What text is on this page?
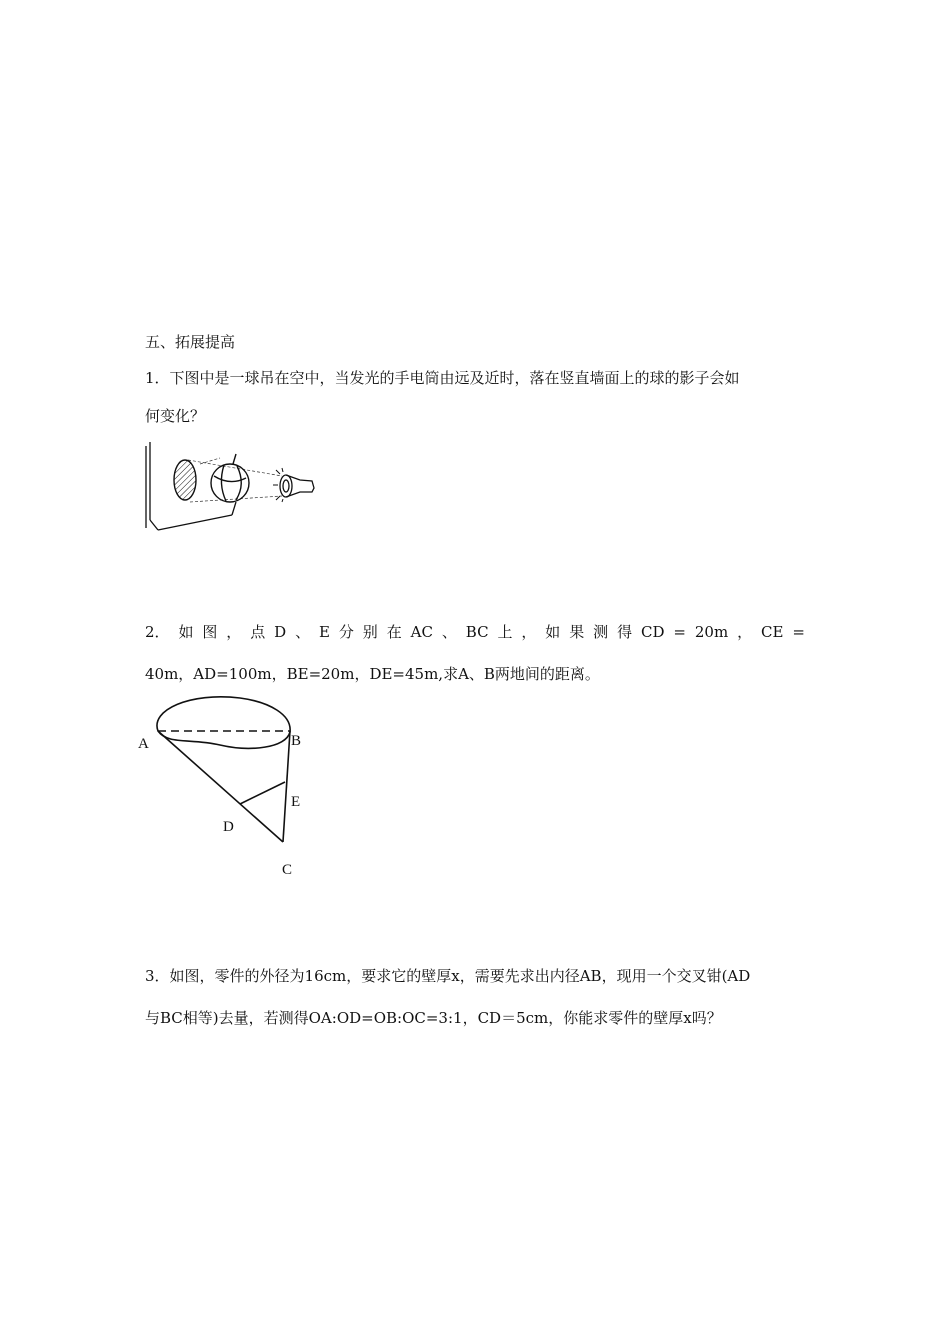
五、拓展提高
1．下图中是一球吊在空中，当发光的手电筒由远及近时，落在竖直墙面上的球的影子会如
何变化？
2． 如 图 ， 点 D 、 E 分 别 在 AC 、 BC 上 ， 如 果 测 得 CD = 20m ， CE =
40m，AD=100m，BE=20m，DE=45m,求A、B两地间的距离。
A	B
E
D
C
3．如图，零件的外径为16cm，要求它的壁厚x，需要先求出内径AB，现用一个交叉钳(AD
与BC相等)去量，若测得OA:OD=OB:OC=3:1，CD＝5cm，你能求零件的壁厚x吗？
